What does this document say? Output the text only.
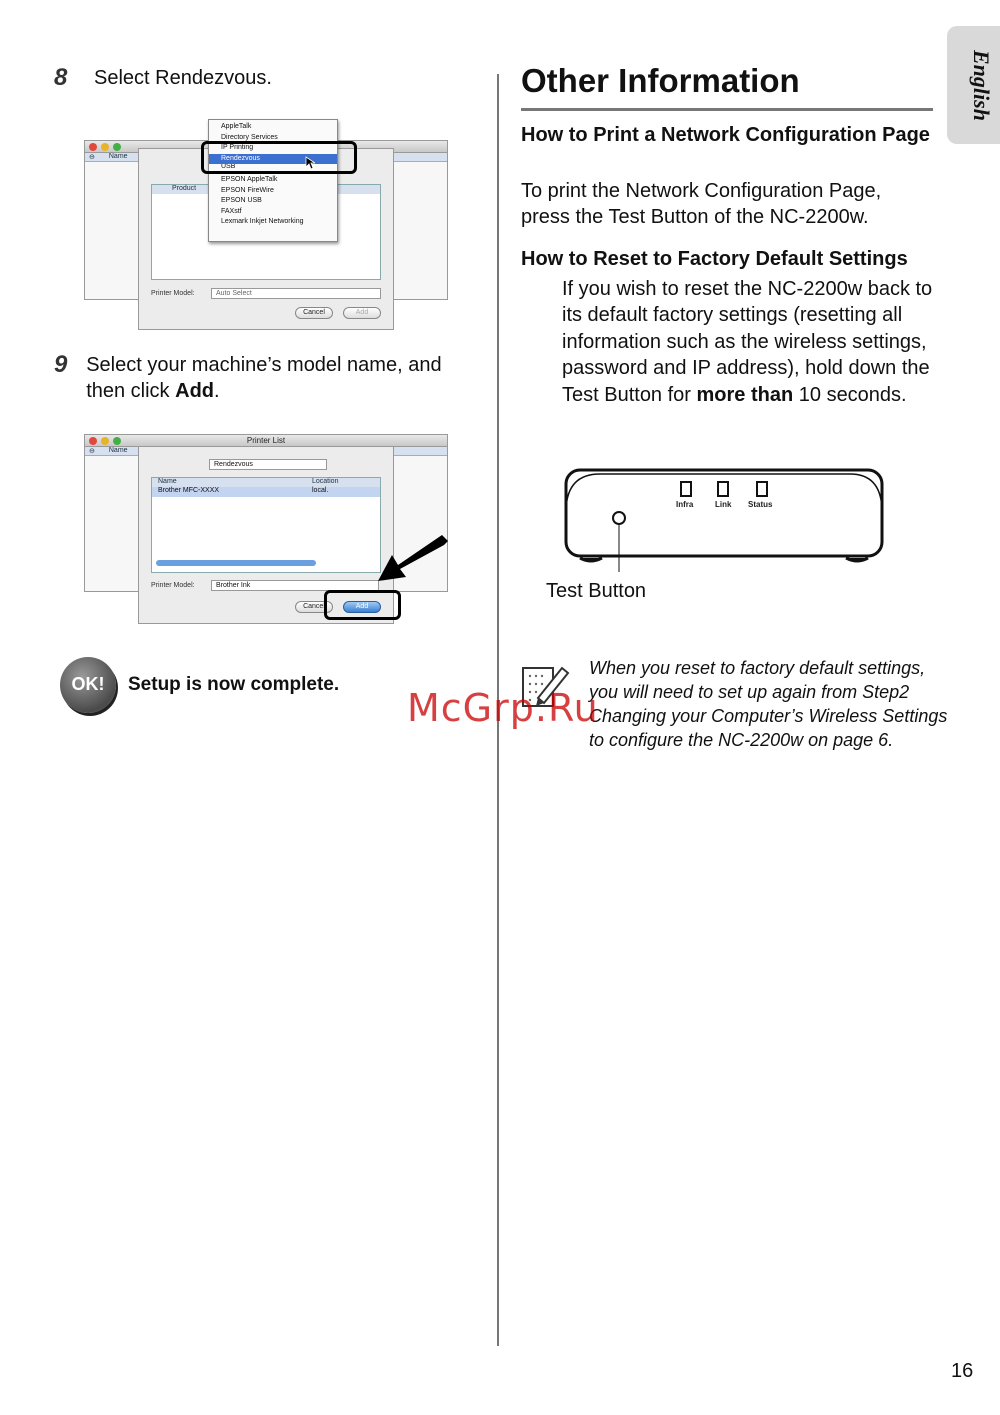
English
8	Select Rendezvous.
⊖ Name
Product
Printer Model:	Auto Select
Cancel	Add
AppleTalk
Directory Services
IP Printing
Rendezvous
USB
EPSON AppleTalk
EPSON FireWire
EPSON USB
FAXstf
Lexmark Inkjet Networking
9 Select your machine’s model name, and then click Add.
Printer List
⊖ Name
Rendezvous
Name	Location
Brother MFC-XXXX	local.
Printer Model:	Brother Ink
Cancel	Add
OK!	Setup is now complete.
Other Information
How to Print a Network Configuration Page
To print the Network Configuration Page, press the Test Button of the NC-2200w.
How to Reset to Factory Default Settings
If you wish to reset the NC-2200w back to its default factory settings (resetting all information such as the wireless settings, password and IP address), hold down the Test Button for more than 10 seconds.
Infra	Link Status
Test Button
When you reset to factory default settings, you will need to set up again from Step2 Changing your Computer’s Wireless Settings to configure the NC-2200w on page 6.
McGrp.Ru
16
